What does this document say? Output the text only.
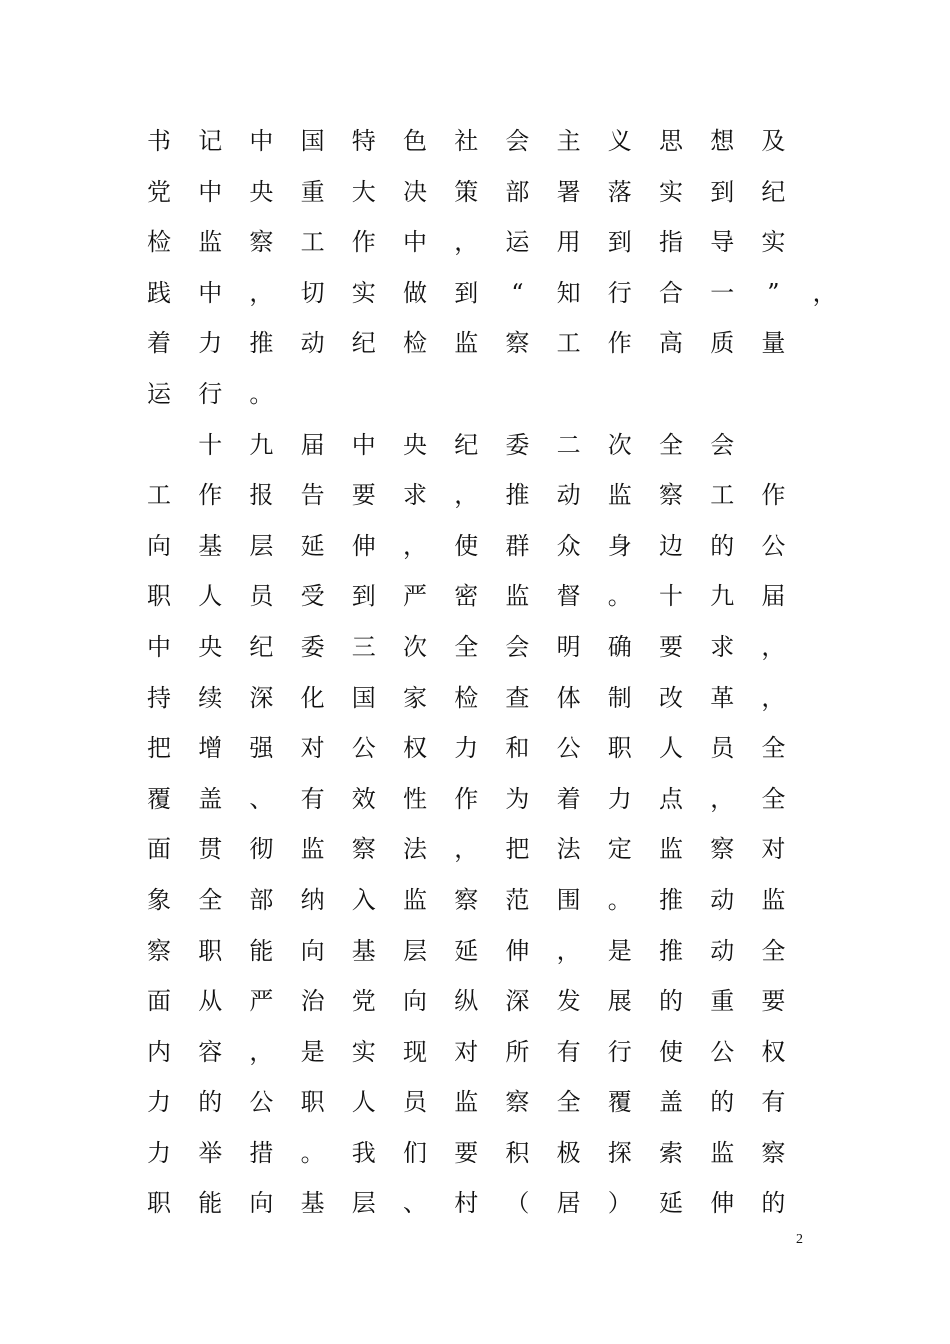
书 记 中 国 特 色 社 会 主 义 思 想 及
党 中 央 重 大 决 策 部 署 落 实 到 纪
检 监 察 工 作 中 ， 运 用 到 指 导 实
践 中 ， 切 实 做 到 “ 知 行 合 一 ” ，
着 力 推 动 纪 检 监 察 工 作 高 质 量
运 行 。
十 九 届 中 央 纪 委 二 次 全 会
工 作 报 告 要 求 ， 推 动 监 察 工 作
向 基 层 延 伸 ， 使 群 众 身 边 的 公
职 人 员 受 到 严 密 监 督 。 十 九 届
中 央 纪 委 三 次 全 会 明 确 要 求 ，
持 续 深 化 国 家 检 查 体 制 改 革 ，
把 增 强 对 公 权 力 和 公 职 人 员 全
覆 盖 、 有 效 性 作 为 着 力 点 ， 全
面 贯 彻 监 察 法 ， 把 法 定 监 察 对
象 全 部 纳 入 监 察 范 围 。 推 动 监
察 职 能 向 基 层 延 伸 ， 是 推 动 全
面 从 严 治 党 向 纵 深 发 展 的 重 要
内 容 ， 是 实 现 对 所 有 行 使 公 权
力 的 公 职 人 员 监 察 全 覆 盖 的 有
力 举 措 。 我 们 要 积 极 探 索 监 察
职 能 向 基 层 、 村 （ 居 ） 延 伸 的
2
